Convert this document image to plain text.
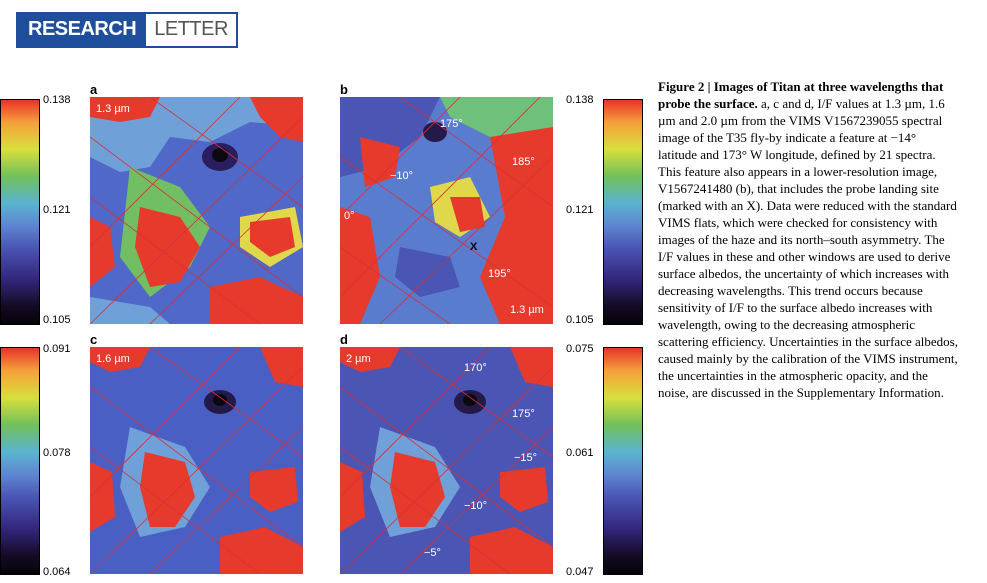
RESEARCH LETTER
0.138
0.121
0.105
0.091
0.078
0.064
0.138
0.121
0.105
0.075
0.061
0.047
a	b
c	d
1.3 µm
175°
185°
−10°
0°
X
195°
1.3 µm
1.6 µm	2 µm
170°
175°
−15°
−10°
−5°
Figure 2 | Images of Titan at three wavelengths that probe the surface. a, c and d, I/F values at 1.3 µm, 1.6 µm and 2.0 µm from the VIMS V1567239055 spectral image of the T35 fly-by indicate a feature at −14° latitude and 173° W longitude, defined by 21 spectra. This feature also appears in a lower-resolution image, V1567241480 (b), that includes the probe landing site (marked with an X). Data were reduced with the standard VIMS flats, which were checked for consistency with images of the haze and its north–south asymmetry. The I/F values in these and other windows are used to derive surface albedos, the uncertainty of which increases with decreasing wavelengths. This trend occurs because sensitivity of I/F to the surface albedo increases with wavelength, owing to the decreasing atmospheric scattering efficiency. Uncertainties in the surface albedos, caused mainly by the calibration of the VIMS instrument, the uncertainties in the atmospheric opacity, and the noise, are discussed in the Supplementary Information.
